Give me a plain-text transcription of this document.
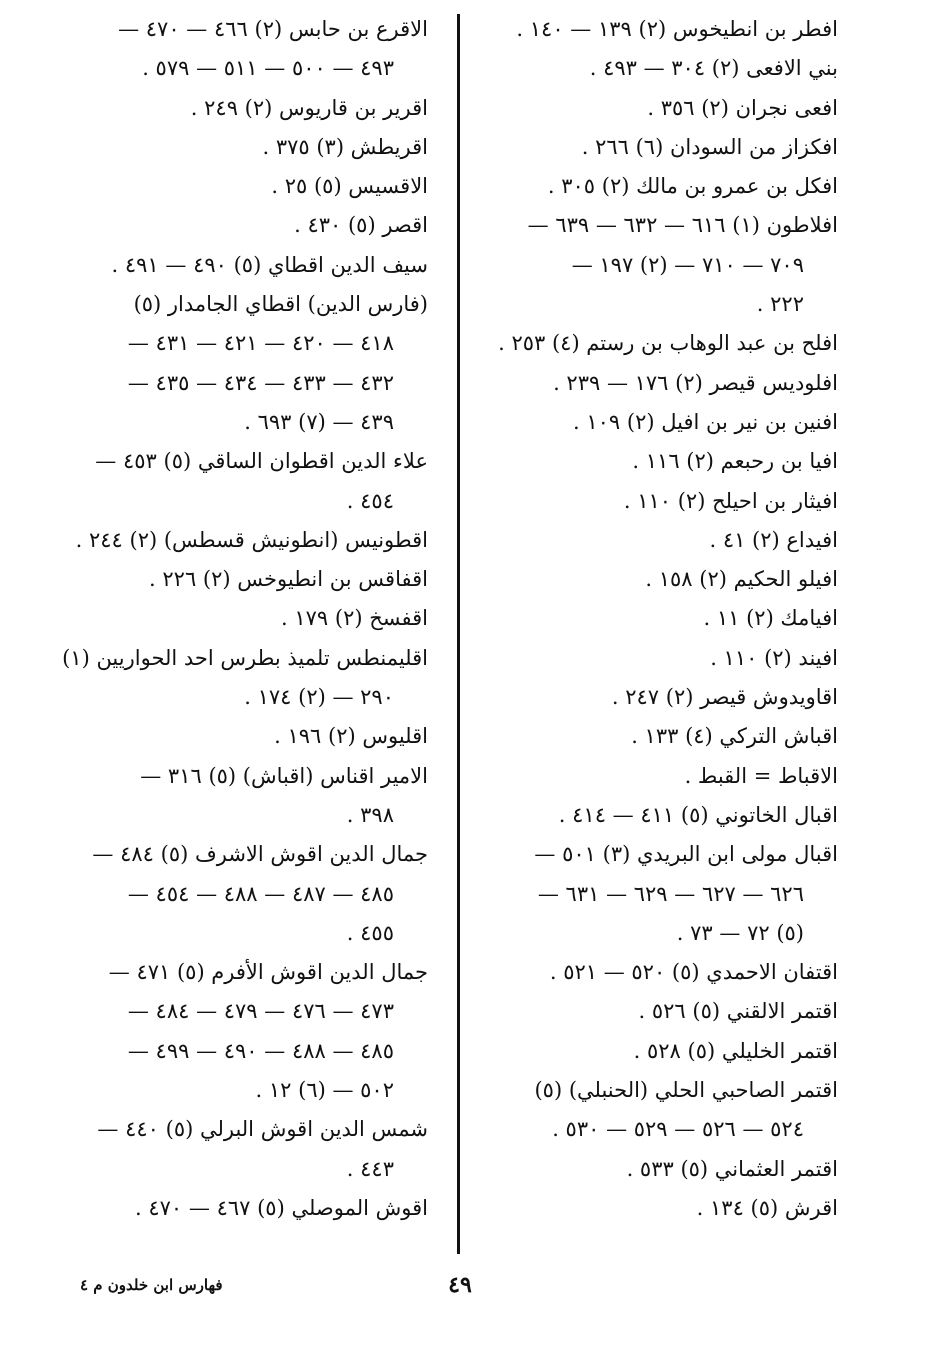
افطر بن انطيخوس (٢) ١٣٩ — ١٤٠ .
بني الافعى (٢) ٣٠٤ — ٤٩٣ .
افعى نجران (٢) ٣٥٦ .
افكزاز من السودان (٦) ٢٦٦ .
افكل بن عمرو بن مالك (٢) ٣٠٥ .
افلاطون (١) ٦١٦ — ٦٣٢ — ٦٣٩ —
٧٠٩ — ٧١٠ — (٢) ١٩٧ —
٢٢٢ .
افلح بن عبد الوهاب بن رستم (٤) ٢٥٣ .
افلوديس قيصر (٢) ١٧٦ — ٢٣٩ .
افنين بن نير بن افيل (٢) ١٠٩ .
افيا بن رحبعم (٢) ١١٦ .
افيثار بن احيلح (٢) ١١٠ .
افيداع (٢) ٤١ .
افيلو الحكيم (٢) ١٥٨ .
افيامك (٢) ١١ .
افيند (٢) ١١٠ .
اقاويدوش قيصر (٢) ٢٤٧ .
اقباش التركي (٤) ١٣٣ .
الاقباط = القبط .
اقبال الخاتوني (٥) ٤١١ — ٤١٤ .
اقبال مولى ابن البريدي (٣) ٥٠١ —
٦٢٦ — ٦٢٧ — ٦٢٩ — ٦٣١ —
(٥) ٧٢ — ٧٣ .
اقتفان الاحمدي (٥) ٥٢٠ — ٥٢١ .
اقتمر الالقني (٥) ٥٢٦ .
اقتمر الخليلي (٥) ٥٢٨ .
اقتمر الصاحبي الحلي (الحنبلي) (٥)
٥٢٤ — ٥٢٦ — ٥٢٩ — ٥٣٠ .
اقتمر العثماني (٥) ٥٣٣ .
اقرش (٥) ١٣٤ .
الاقرع بن حابس (٢) ٤٦٦ — ٤٧٠ —
٤٩٣ — ٥٠٠ — ٥١١ — ٥٧٩ .
اقرير بن قاريوس (٢) ٢٤٩ .
اقريطش (٣) ٣٧٥ .
الاقسيس (٥) ٢٥ .
اقصر (٥) ٤٣٠ .
سيف الدين اقطاي (٥) ٤٩٠ — ٤٩١ .
(فارس الدين) اقطاي الجامدار (٥)
٤١٨ — ٤٢٠ — ٤٢١ — ٤٣١ —
٤٣٢ — ٤٣٣ — ٤٣٤ — ٤٣٥ —
٤٣٩ — (٧) ٦٩٣ .
علاء الدين اقطوان الساقي (٥) ٤٥٣ —
٤٥٤ .
اقطونيس (انطونيش قسطس) (٢) ٢٤٤ .
اقفاقس بن انطيوخس (٢) ٢٢٦ .
اقفسخ (٢) ١٧٩ .
اقليمنطس تلميذ بطرس احد الحواريين (١)
٢٩٠ — (٢) ١٧٤ .
اقليوس (٢) ١٩٦ .
الامير اقناس (اقباش) (٥) ٣١٦ —
٣٩٨ .
جمال الدين اقوش الاشرف (٥) ٤٨٤ —
٤٨٥ — ٤٨٧ — ٤٨٨ — ٤٥٤ —
٤٥٥ .
جمال الدين اقوش الأفرم (٥) ٤٧١ —
٤٧٣ — ٤٧٦ — ٤٧٩ — ٤٨٤ —
٤٨٥ — ٤٨٨ — ٤٩٠ — ٤٩٩ —
٥٠٢ — (٦) ١٢ .
شمس الدين اقوش البرلي (٥) ٤٤٠ —
٤٤٣ .
اقوش الموصلي (٥) ٤٦٧ — ٤٧٠ .
فهارس ابن خلدون م ٤	٤٩
